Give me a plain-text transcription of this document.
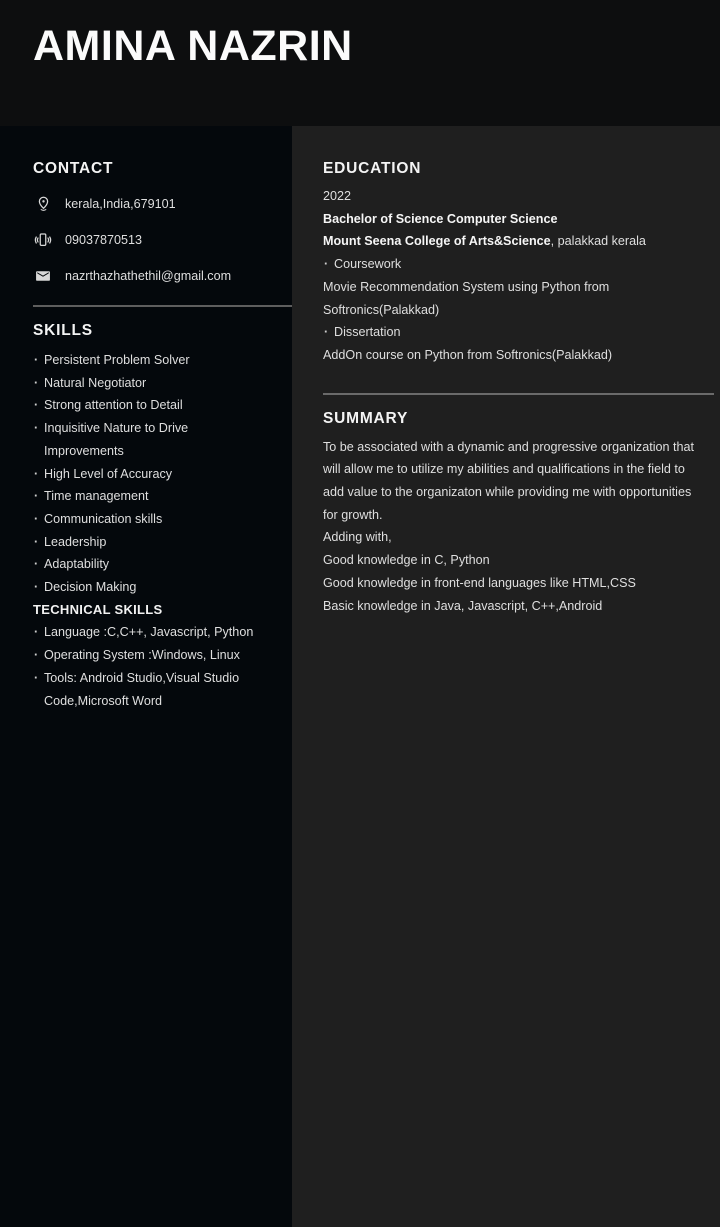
AMINA NAZRIN
CONTACT
kerala,India,679101
09037870513
nazrthazhathethil@gmail.com
SKILLS
· Persistent Problem Solver
· Natural Negotiator
· Strong attention to Detail
· Inquisitive Nature to Drive Improvements
· High Level of Accuracy
· Time management
· Communication skills
· Leadership
· Adaptability
· Decision Making

TECHNICAL SKILLS

· Language :C,C++, Javascript, Python
· Operating System :Windows, Linux
· Tools: Android Studio,Visual Studio Code,Microsoft Word
EDUCATION
2022
Bachelor of Science Computer Science
Mount Seena College of Arts&Science, palakkad kerala
· Coursework
Movie Recommendation System using Python from Softronics(Palakkad)
· Dissertation
AddOn course on Python from Softronics(Palakkad)
SUMMARY

To be associated with a dynamic and progressive organization that will allow me to utilize my abilities and qualifications in the field to add value to the organizaton while providing me with opportunities for growth.

Adding with,
Good knowledge in C, Python
Good knowledge in front-end languages like HTML,CSS
Basic knowledge in Java, Javascript, C++,Android
